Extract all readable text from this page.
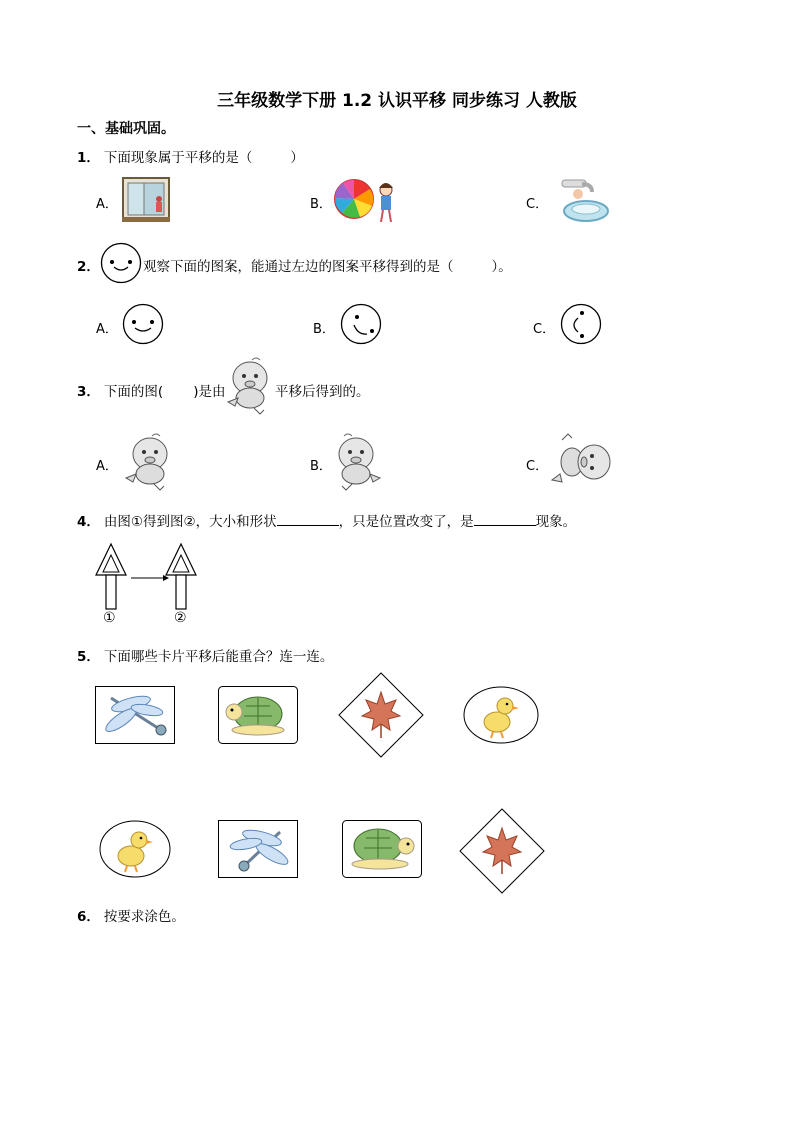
三年级数学下册 1.2 认识平移 同步练习 人教版
一、基础巩固。
1． 下面现象属于平移的是（	）
A．	B．	C．
2．	观察下面的图案，能通过左边的图案平移得到的是（	）。
A．	B．	C．
3． 下面的图( )是由	平移后得到的。
A．	B．	C．
4． 由图①得到图②，大小和形状	，只是位置改变了，是	现象。
①	②
5． 下面哪些卡片平移后能重合？连一连。
6． 按要求涂色。
